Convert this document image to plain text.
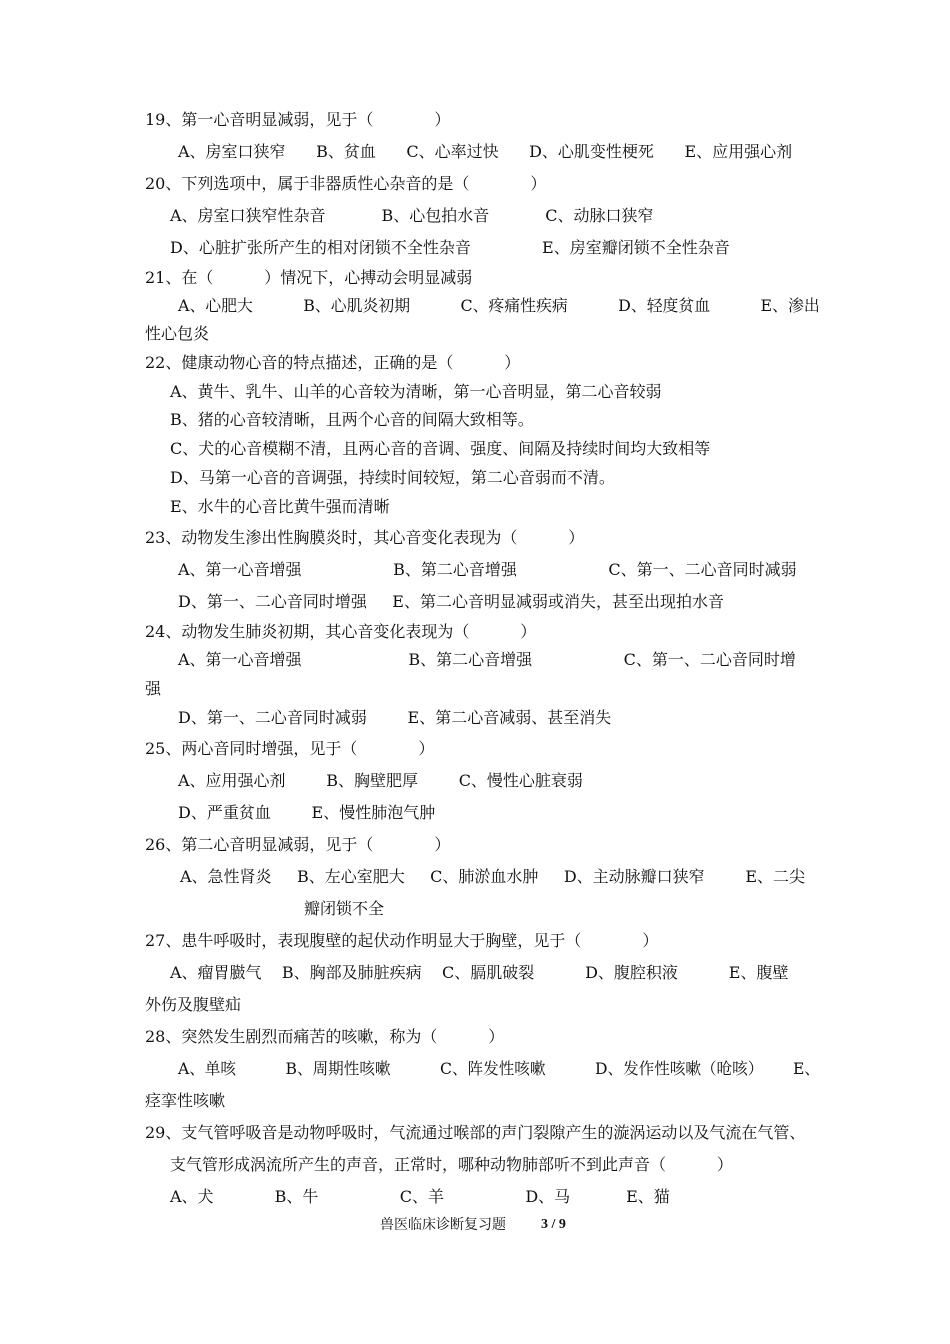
19、第一心音明显减弱，见于（            ）
A、房室口狭窄      B、贫血      C、心率过快      D、心肌变性梗死      E、应用强心剂
20、下列选项中，属于非器质性心杂音的是（            ）
A、房室口狭窄性杂音           B、心包拍水音           C、动脉口狭窄
D、心脏扩张所产生的相对闭锁不全性杂音              E、房室瓣闭锁不全性杂音
21、在（          ）情况下，心搏动会明显减弱
A、心肥大          B、心肌炎初期          C、疼痛性疾病          D、轻度贫血          E、渗出
性心包炎
22、健康动物心音的特点描述，正确的是（          ）
A、黄牛、乳牛、山羊的心音较为清晰，第一心音明显，第二心音较弱
B、猪的心音较清晰，且两个心音的间隔大致相等。
C、犬的心音模糊不清，且两心音的音调、强度、间隔及持续时间均大致相等
D、马第一心音的音调强，持续时间较短，第二心音弱而不清。
E、水牛的心音比黄牛强而清晰
23、动物发生渗出性胸膜炎时，其心音变化表现为（          ）
A、第一心音增强                  B、第二心音增强                  C、第一、二心音同时减弱
D、第一、二心音同时增强     E、第二心音明显减弱或消失，甚至出现拍水音
24、动物发生肺炎初期，其心音变化表现为（          ）
A、第一心音增强                     B、第二心音增强                  C、第一、二心音同时增
强
D、第一、二心音同时减弱        E、第二心音减弱、甚至消失
25、两心音同时增强，见于（            ）
A、应用强心剂        B、胸壁肥厚        C、慢性心脏衰弱
D、严重贫血        E、慢性肺泡气肿
26、第二心音明显减弱，见于（            ）
A、急性肾炎     B、左心室肥大     C、肺淤血水肿     D、主动脉瓣口狭窄        E、二尖
瓣闭锁不全
27、患牛呼吸时，表现腹壁的起伏动作明显大于胸壁，见于（            ）
A、瘤胃臌气    B、胸部及肺脏疾病    C、膈肌破裂          D、腹腔积液          E、腹壁
外伤及腹壁疝
28、突然发生剧烈而痛苦的咳嗽，称为（          ）
A、单咳          B、周期性咳嗽          C、阵发性咳嗽          D、发作性咳嗽（呛咳）      E、
痉挛性咳嗽
29、支气管呼吸音是动物呼吸时，气流通过喉部的声门裂隙产生的漩涡运动以及气流在气管、
支气管形成涡流所产生的声音，正常时，哪种动物肺部听不到此声音（          ）
A、犬            B、牛                C、羊                D、马           E、猫
兽医临床诊断复习题	3 / 9
